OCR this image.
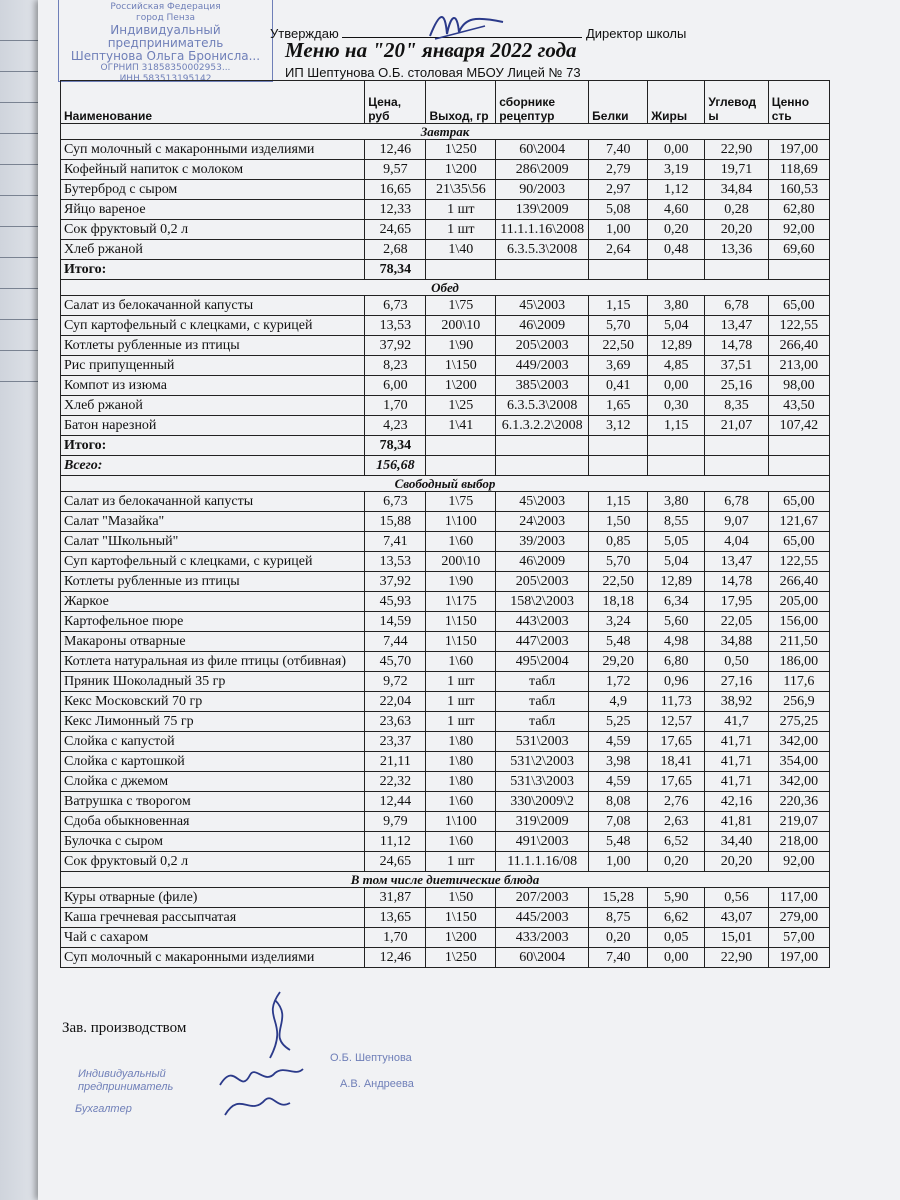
Российская Федерация
город Пенза
Индивидуальный предприниматель
Шептунова Ольга Бронисла...
ОГРНИП 31858350002953...
ИНН 583513195142
Утверждаю	Директор школы
Меню на "20" января 2022 года
ИП Шептунова О.Б. столовая МБОУ Лицей № 73
Наименование	Цена, руб	Выход, гр	сборнике рецептур	Белки	Жиры	Углевод ы	Ценно сть
Завтрак							
Суп молочный с макаронными изделиями	12,46	1\250	60\2004	7,40	0,00	22,90	197,00
Кофейный напиток с молоком	9,57	1\200	286\2009	2,79	3,19	19,71	118,69
Бутерброд с сыром	16,65	21\35\56	90/2003	2,97	1,12	34,84	160,53
Яйцо вареное	12,33	1 шт	139\2009	5,08	4,60	0,28	62,80
Сок фруктовый 0,2 л	24,65	1 шт	11.1.1.16\2008	1,00	0,20	20,20	92,00
Хлеб ржаной	2,68	1\40	6.3.5.3\2008	2,64	0,48	13,36	69,60
Итого:	78,34						
Обед							
Салат из белокачанной капусты	6,73	1\75	45\2003	1,15	3,80	6,78	65,00
Суп картофельный с клецками, с курицей	13,53	200\10	46\2009	5,70	5,04	13,47	122,55
Котлеты рубленные из птицы	37,92	1\90	205\2003	22,50	12,89	14,78	266,40
Рис припущенный	8,23	1\150	449/2003	3,69	4,85	37,51	213,00
Компот из изюма	6,00	1\200	385\2003	0,41	0,00	25,16	98,00
Хлеб ржаной	1,70	1\25	6.3.5.3\2008	1,65	0,30	8,35	43,50
Батон нарезной	4,23	1\41	6.1.3.2.2\2008	3,12	1,15	21,07	107,42
Итого:	78,34						
Всего:	156,68						
Свободный выбор							
Салат из белокачанной капусты	6,73	1\75	45\2003	1,15	3,80	6,78	65,00
Салат "Мазайка"	15,88	1\100	24\2003	1,50	8,55	9,07	121,67
Салат "Школьный"	7,41	1\60	39/2003	0,85	5,05	4,04	65,00
Суп картофельный с клецками, с курицей	13,53	200\10	46\2009	5,70	5,04	13,47	122,55
Котлеты рубленные из птицы	37,92	1\90	205\2003	22,50	12,89	14,78	266,40
Жаркое	45,93	1\175	158\2\2003	18,18	6,34	17,95	205,00
Картофельное пюре	14,59	1\150	443\2003	3,24	5,60	22,05	156,00
Макароны отварные	7,44	1\150	447\2003	5,48	4,98	34,88	211,50
Котлета натуральная из филе птицы (отбивная)	45,70	1\60	495\2004	29,20	6,80	0,50	186,00
Пряник Шоколадный 35 гр	9,72	1 шт	табл	1,72	0,96	27,16	117,6
Кекс Московский 70 гр	22,04	1 шт	табл	4,9	11,73	38,92	256,9
Кекс Лимонный 75 гр	23,63	1 шт	табл	5,25	12,57	41,7	275,25
Слойка с капустой	23,37	1\80	531\2003	4,59	17,65	41,71	342,00
Слойка с картошкой	21,11	1\80	531\2\2003	3,98	18,41	41,71	354,00
Слойка с джемом	22,32	1\80	531\3\2003	4,59	17,65	41,71	342,00
Ватрушка с творогом	12,44	1\60	330\2009\2	8,08	2,76	42,16	220,36
Сдоба обыкновенная	9,79	1\100	319\2009	7,08	2,63	41,81	219,07
Булочка с сыром	11,12	1\60	491\2003	5,48	6,52	34,40	218,00
Сок фруктовый 0,2 л	24,65	1 шт	11.1.1.16/08	1,00	0,20	20,20	92,00
В том числе диетические блюда							
Куры отварные (филе)	31,87	1\50	207/2003	15,28	5,90	0,56	117,00
Каша гречневая рассыпчатая	13,65	1\150	445/2003	8,75	6,62	43,07	279,00
Чай с сахаром	1,70	1\200	433/2003	0,20	0,05	15,01	57,00
Суп молочный с макаронными изделиями	12,46	1\250	60\2004	7,40	0,00	22,90	197,00
Зав. производством
Индивидуальный предприниматель
Бухгалтер
О.Б. Шептунова
А.В. Андреева
